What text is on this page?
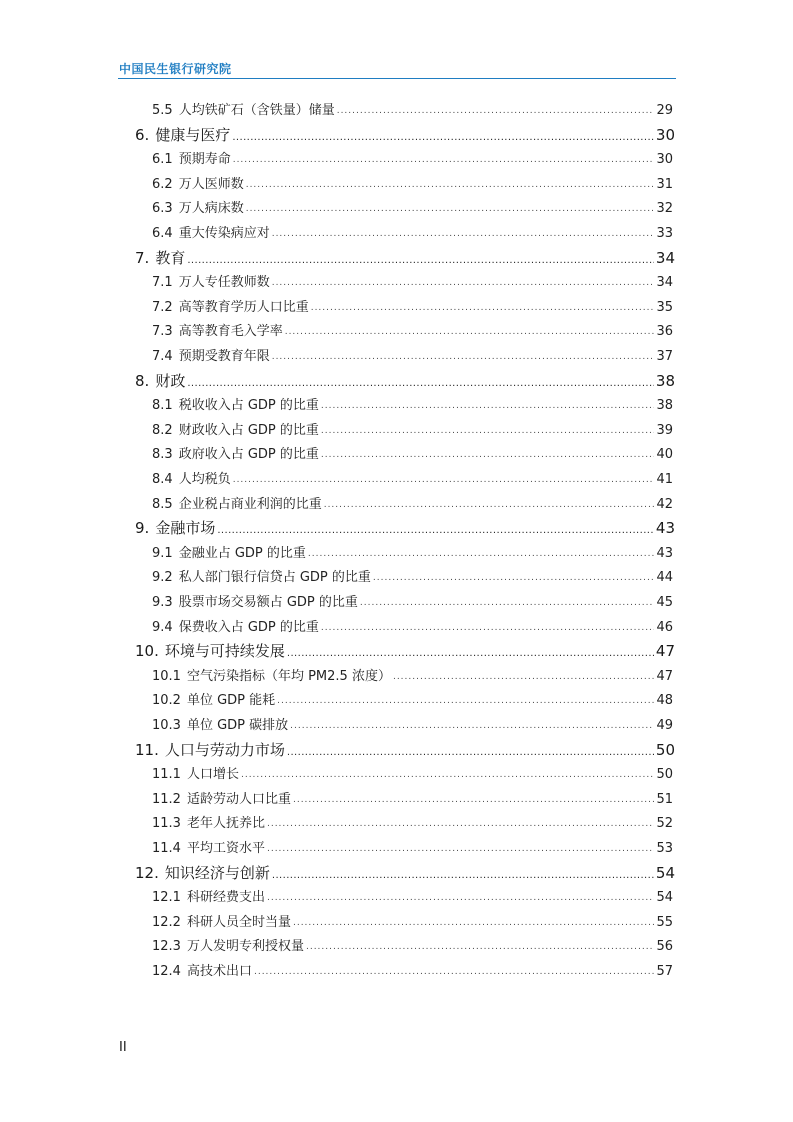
中国民生银行研究院
5.5 人均铁矿石（含铁量）储量 .....	29
6. 健康与医疗 .....	30
6.1 预期寿命 .....	30
6.2 万人医师数 .....	31
6.3 万人病床数 .....	32
6.4 重大传染病应对 .....	33
7. 教育 .....	34
7.1 万人专任教师数 .....	34
7.2 高等教育学历人口比重 .....	35
7.3 高等教育毛入学率 .....	36
7.4 预期受教育年限 .....	37
8. 财政 .....	38
8.1 税收收入占 GDP 的比重 .....	38
8.2 财政收入占 GDP 的比重 .....	39
8.3 政府收入占 GDP 的比重 .....	40
8.4 人均税负 .....	41
8.5 企业税占商业利润的比重 .....	42
9. 金融市场 .....	43
9.1 金融业占 GDP 的比重 .....	43
9.2 私人部门银行信贷占 GDP 的比重 .....	44
9.3 股票市场交易额占 GDP 的比重 .....	45
9.4 保费收入占 GDP 的比重 .....	46
10. 环境与可持续发展 .....	47
10.1 空气污染指标（年均 PM2.5 浓度） .....	47
10.2 单位 GDP 能耗 .....	48
10.3 单位 GDP 碳排放 .....	49
11. 人口与劳动力市场 .....	50
11.1 人口增长 .....	50
11.2 适龄劳动人口比重 .....	51
11.3 老年人抚养比 .....	52
11.4 平均工资水平 .....	53
12. 知识经济与创新 .....	54
12.1 科研经费支出 .....	54
12.2 科研人员全时当量 .....	55
12.3 万人发明专利授权量 .....	56
12.4 高技术出口 .....	57
II
